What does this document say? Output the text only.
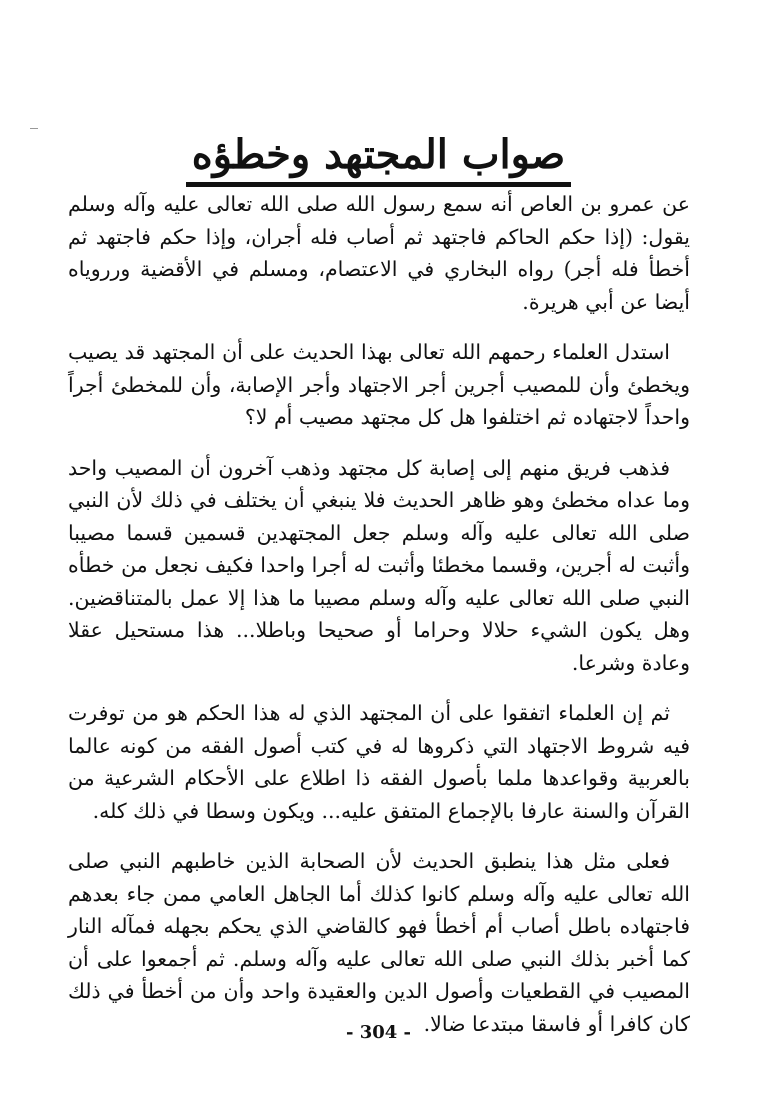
صواب المجتهد وخطؤه

عن عمرو بن العاص أنه سمع رسول الله صلى الله تعالى عليه وآله وسلم يقول: (إذا حكم الحاكم فاجتهد ثم أصاب فله أجران، وإذا حكم فاجتهد ثم أخطأ فله أجر) رواه البخاري في الاعتصام، ومسلم في الأقضية ورروياه أيضا عن أبي هريرة.

استدل العلماء رحمهم الله تعالى بهذا الحديث على أن المجتهد قد يصيب ويخطئ وأن للمصيب أجرين أجر الاجتهاد وأجر الإصابة، وأن للمخطئ أجراً واحداً لاجتهاده ثم اختلفوا هل كل مجتهد مصيب أم لا؟

فذهب فريق منهم إلى إصابة كل مجتهد وذهب آخرون أن المصيب واحد وما عداه مخطئ وهو ظاهر الحديث فلا ينبغي أن يختلف في ذلك لأن النبي صلى الله تعالى عليه وآله وسلم جعل المجتهدين قسمين قسما مصيبا وأثبت له أجرين، وقسما مخطئا وأثبت له أجرا واحدا فكيف نجعل من خطأه النبي صلى الله تعالى عليه وآله وسلم مصيبا ما هذا إلا عمل بالمتناقضين. وهل يكون الشيء حلالا وحراما أو صحيحا وباطلا... هذا مستحيل عقلا وعادة وشرعا.

ثم إن العلماء اتفقوا على أن المجتهد الذي له هذا الحكم هو من توفرت فيه شروط الاجتهاد التي ذكروها له في كتب أصول الفقه من كونه عالما بالعربية وقواعدها ملما بأصول الفقه ذا اطلاع على الأحكام الشرعية من القرآن والسنة عارفا بالإجماع المتفق عليه... ويكون وسطا في ذلك كله.

فعلى مثل هذا ينطبق الحديث لأن الصحابة الذين خاطبهم النبي صلى الله تعالى عليه وآله وسلم كانوا كذلك أما الجاهل العامي ممن جاء بعدهم فاجتهاده باطل أصاب أم أخطأ فهو كالقاضي الذي يحكم بجهله فمآله النار كما أخبر بذلك النبي صلى الله تعالى عليه وآله وسلم. ثم أجمعوا على أن المصيب في القطعيات وأصول الدين والعقيدة واحد وأن من أخطأ في ذلك كان كافرا أو فاسقا مبتدعا ضالا.

- 304 -
